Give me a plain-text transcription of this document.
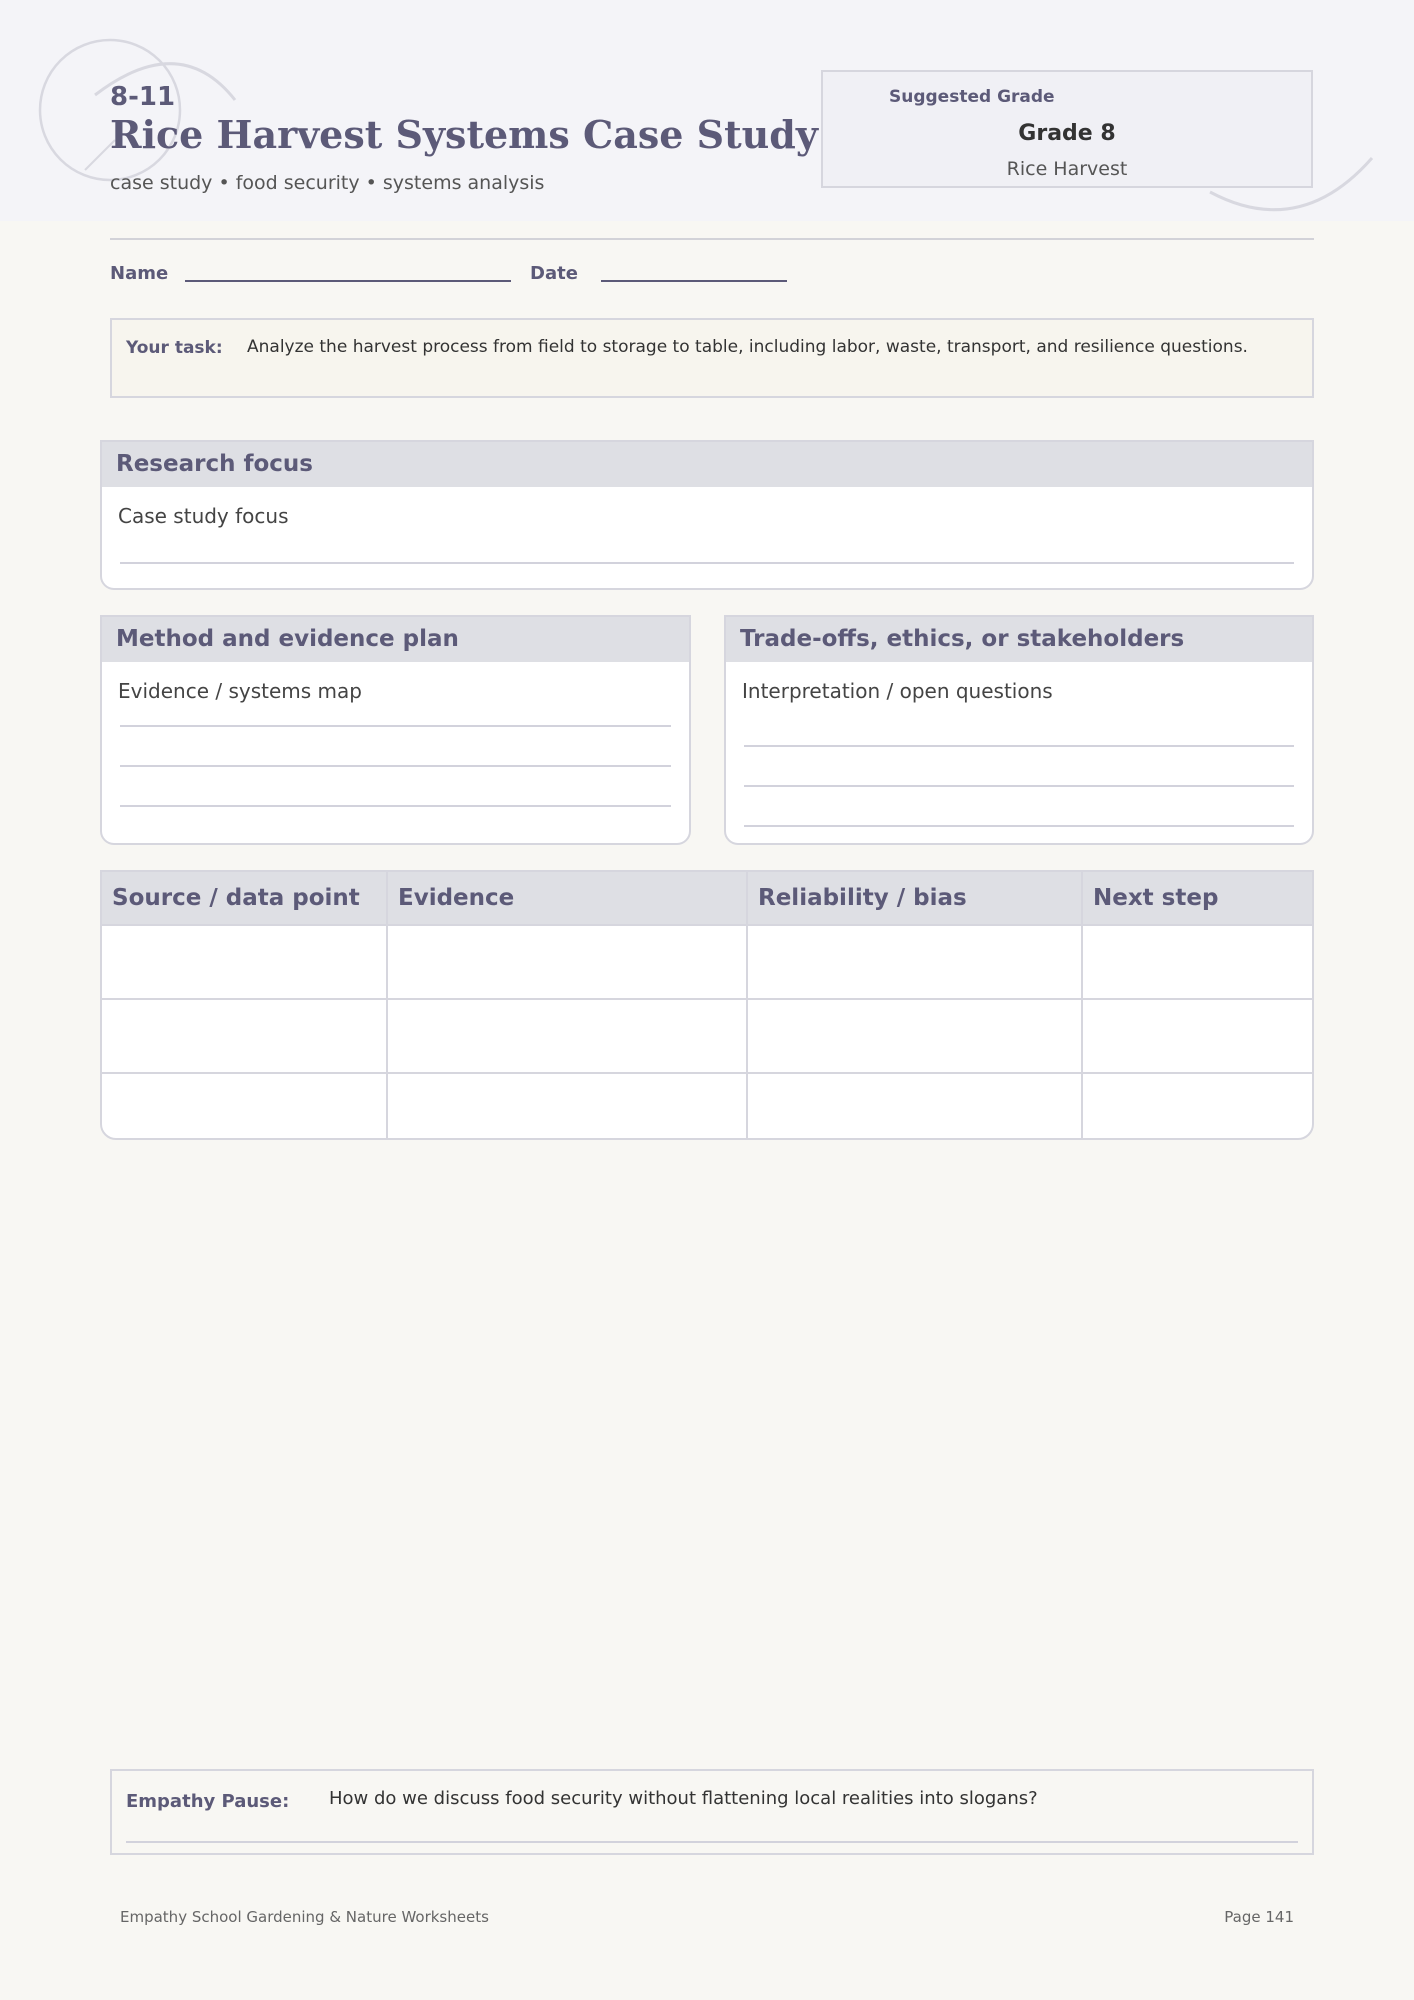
8-11
Rice Harvest Systems Case Study
case study • food security • systems analysis
Suggested Grade
Grade 8
Rice Harvest
Name	Date
Your task: Analyze the harvest process from field to storage to table, including labor, waste, transport, and resilience questions.
Research focus
Case study focus
Method and evidence plan
Evidence / systems map
Trade-offs, ethics, or stakeholders
Interpretation / open questions
Source / data point	Evidence	Reliability / bias	Next step

Empathy Pause: How do we discuss food security without flattening local realities into slogans?
Empathy School Gardening & Nature Worksheets	Page 141
